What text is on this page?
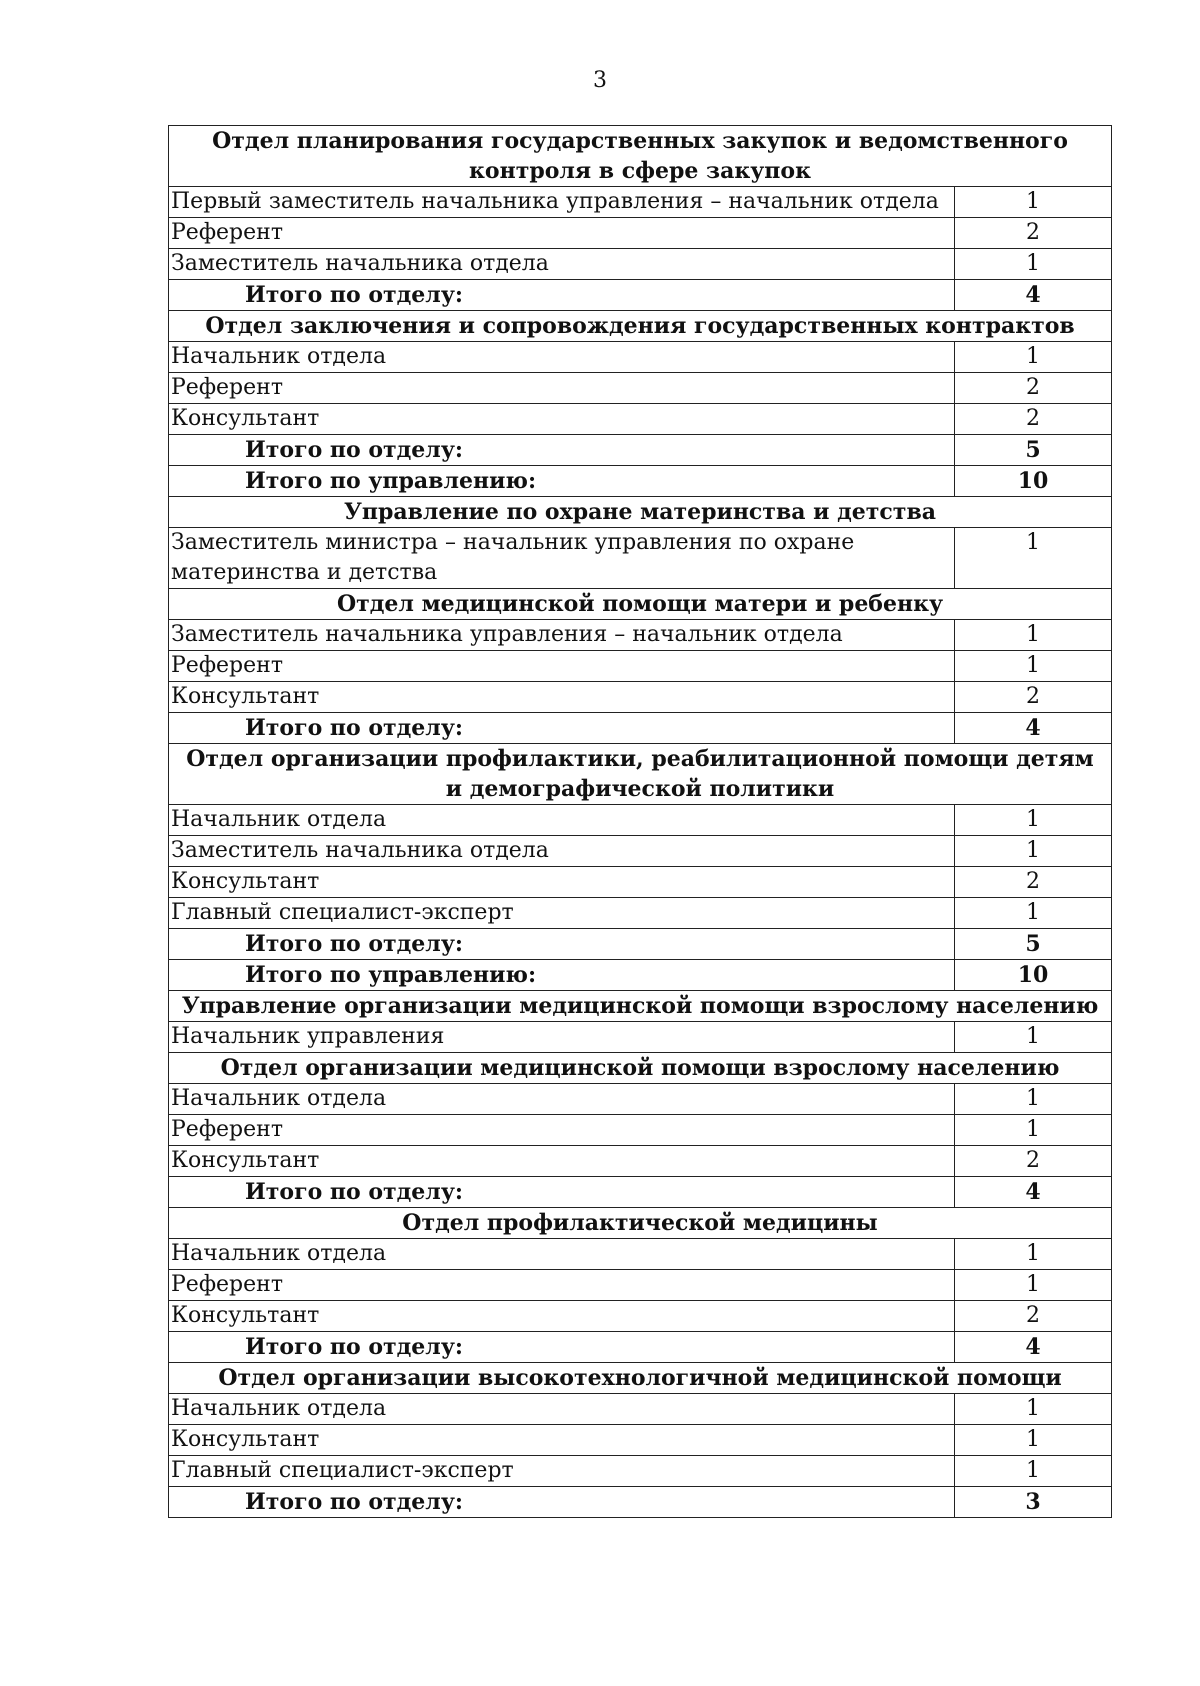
3
Отдел планирования государственных закупок и ведомственного контроля в сфере закупок	
Первый заместитель начальника управления – начальник отдела	1
Референт	2
Заместитель начальника отдела	1
Итого по отделу:	4
Отдел заключения и сопровождения государственных контрактов	
Начальник отдела	1
Референт	2
Консультант	2
Итого по отделу:	5
Итого по управлению:	10
Управление по охране материнства и детства	
Заместитель министра – начальник управления по охране материнства и детства	1
Отдел медицинской помощи матери и ребенку	
Заместитель начальника управления – начальник отдела	1
Референт	1
Консультант	2
Итого по отделу:	4
Отдел организации профилактики, реабилитационной помощи детям и демографической политики	
Начальник отдела	1
Заместитель начальника отдела	1
Консультант	2
Главный специалист-эксперт	1
Итого по отделу:	5
Итого по управлению:	10
Управление организации медицинской помощи взрослому населению	
Начальник управления	1
Отдел организации медицинской помощи взрослому населению	
Начальник отдела	1
Референт	1
Консультант	2
Итого по отделу:	4
Отдел профилактической медицины	
Начальник отдела	1
Референт	1
Консультант	2
Итого по отделу:	4
Отдел организации высокотехнологичной медицинской помощи	
Начальник отдела	1
Консультант	1
Главный специалист-эксперт	1
Итого по отделу:	3
